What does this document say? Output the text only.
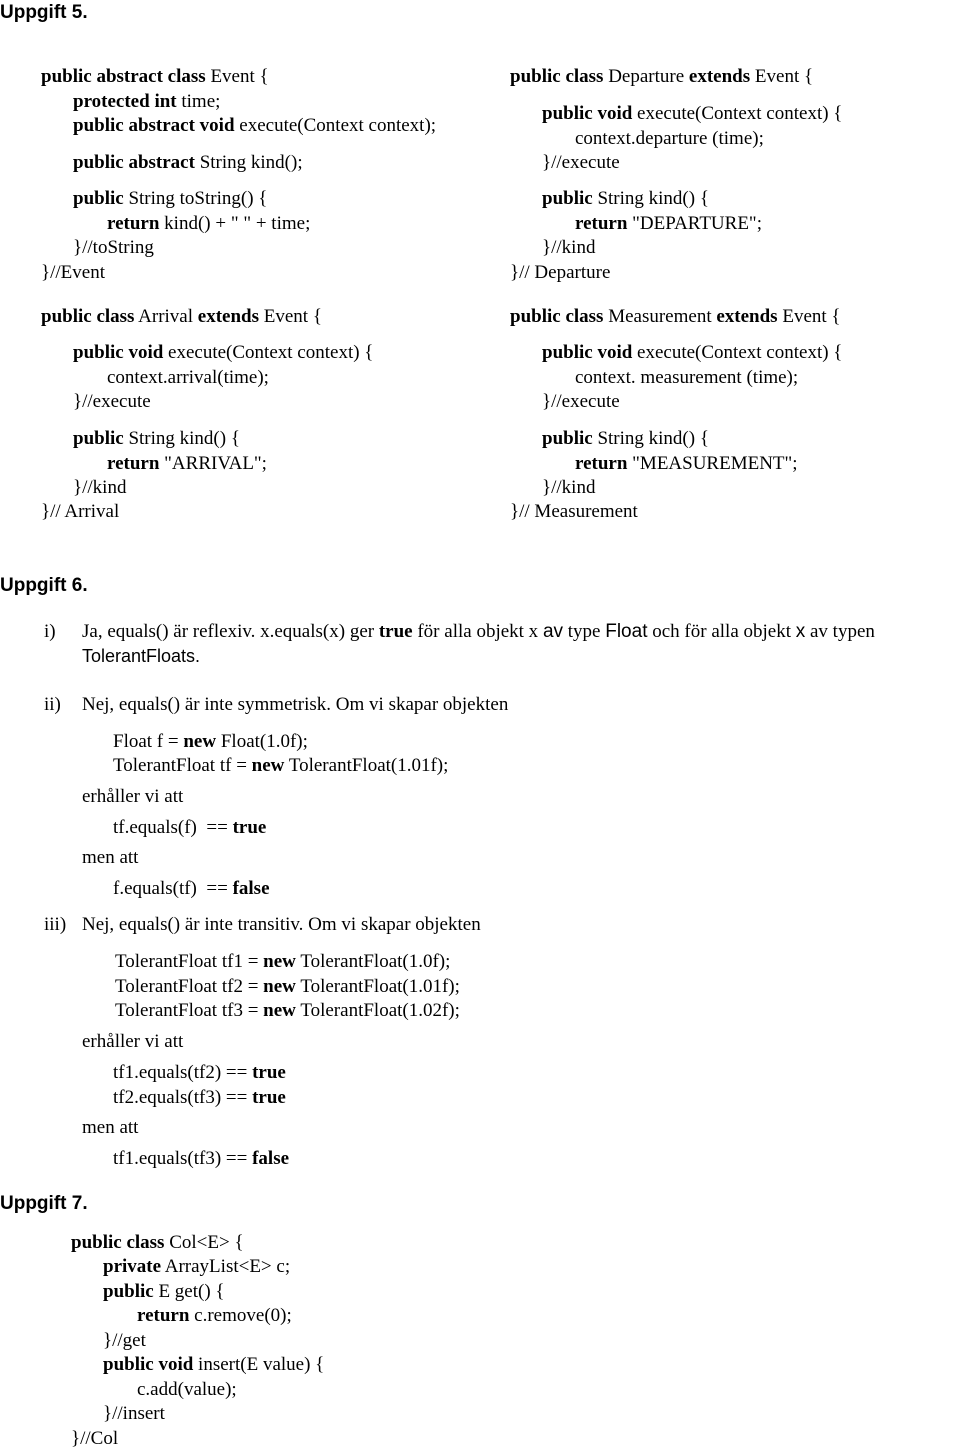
Uppgift 5.
public abstract class Event {
protected int time;
public abstract void execute(Context context);
public abstract String kind();
public String toString() {
return kind() + " " + time;
}//toString
}//Event
public class Arrival extends Event {
public void execute(Context context) {
context.arrival(time);
}//execute
public String kind() {
return "ARRIVAL";
}//kind
}// Arrival
public class Departure extends Event {
public void execute(Context context) {
context.departure (time);
}//execute
public String kind() {
return "DEPARTURE";
}//kind
}// Departure
public class Measurement extends Event {
public void execute(Context context) {
context. measurement (time);
}//execute
public String kind() {
return "MEASUREMENT";
}//kind
}// Measurement
Uppgift 6.
i) Ja, equals() är reflexiv. x.equals(x) ger true för alla objekt x av type Float och för alla objekt x av typen
TolerantFloats.
ii) Nej, equals() är inte symmetrisk. Om vi skapar objekten
Float f = new Float(1.0f);
TolerantFloat tf = new TolerantFloat(1.01f);
erhåller vi att
tf.equals(f)  == true
men att
f.equals(tf)  == false
iii) Nej, equals() är inte transitiv. Om vi skapar objekten
TolerantFloat tf1 = new TolerantFloat(1.0f);
TolerantFloat tf2 = new TolerantFloat(1.01f);
TolerantFloat tf3 = new TolerantFloat(1.02f);
erhåller vi att
tf1.equals(tf2) == true
tf2.equals(tf3) == true
men att
tf1.equals(tf3) == false
Uppgift 7.
public class Col<E> {
private ArrayList<E> c;
public E get() {
return c.remove(0);
}//get
public void insert(E value) {
c.add(value);
}//insert
}//Col
